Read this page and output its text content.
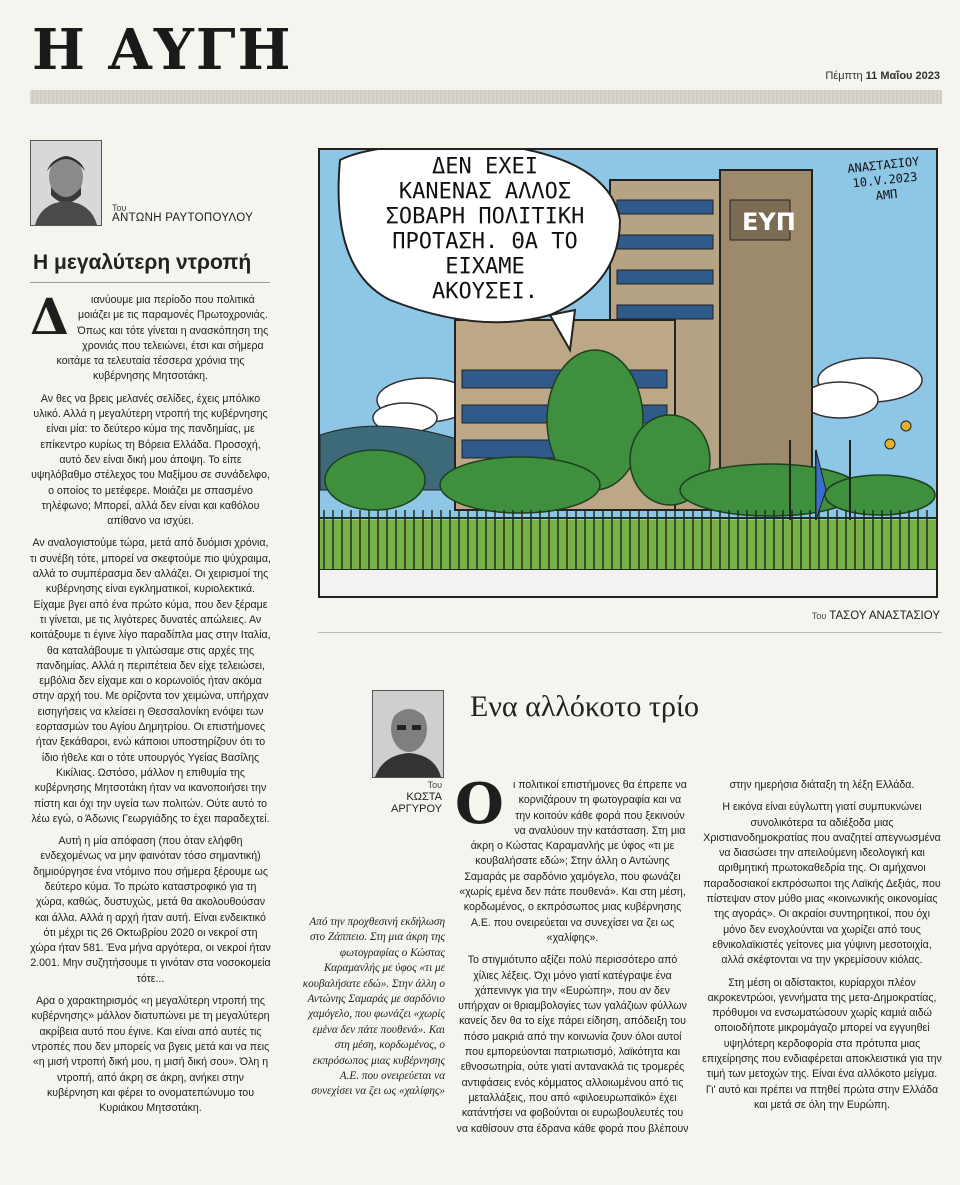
Η ΑΥΓΗ	Πέμπτη 11 Μαΐου 2023
Του
ΑΝΤΩΝΗ ΡΑΥΤΟΠΟΥΛΟΥ
Η μεγαλύτερη ντροπή

Δ ιανύουμε μια περίοδο που πολιτικά μοιάζει με τις παραμονές Πρωτοχρονιάς. Όπως και τότε γίνεται η ανασκόπηση της χρονιάς που τελειώνει, έτσι και σήμερα κοιτάμε τα τελευταία τέσσερα χρόνια της κυβέρνησης Μητσοτάκη.

Αν θες να βρεις μελανές σελίδες, έχεις μπόλικο υλικό. Αλλά η μεγαλύτερη ντροπή της κυβέρνησης είναι μία: το δεύτερο κύμα της πανδημίας, με επίκεντρο κυρίως τη Βόρεια Ελλάδα. Προσοχή, αυτό δεν είναι δική μου άποψη. Το είπε υψηλόβαθμο στέλεχος του Μαξίμου σε συνάδελφο, ο οποίος το μετέφερε. Μοιάζει με σπασμένο τηλέφωνο; Μπορεί, αλλά δεν είναι και καθόλου απίθανο να ισχύει.

Αν αναλογιστούμε τώρα, μετά από δυόμισι χρόνια, τι συνέβη τότε, μπορεί να σκεφτούμε πιο ψύχραιμα, αλλά το συμπέρασμα δεν αλλάζει. Οι χειρισμοί της κυβέρνησης είναι εγκληματικοί, κυριολεκτικά. Είχαμε βγει από ένα πρώτο κύμα, που δεν ξέραμε τι γίνεται, με τις λιγότερες δυνατές απώλειες. Αν κοιτάξουμε τι έγινε λίγο παραδίπλα μας στην Ιταλία, θα καταλάβουμε τι γλιτώσαμε στις αρχές της πανδημίας. Αλλά η περιπέτεια δεν είχε τελειώσει, εμβόλια δεν είχαμε και ο κορωνοϊός ήταν ακόμα στην αρχή του. Με ορίζοντα τον χειμώνα, υπήρχαν εισηγήσεις να κλείσει η Θεσσαλονίκη ενόψει των εορτασμών του Αγίου Δημητρίου. Οι επιστήμονες ήταν ξεκάθαροι, ενώ κάποιοι υποστηρίζουν ότι το ίδιο ήθελε και ο τότε υπουργός Υγείας Βασίλης Κικίλιας. Ωστόσο, μάλλον η επιθυμία της κυβέρνησης Μητσοτάκη ήταν να ικανοποιήσει την πίστη και όχι την υγεία των πολιτών. Ούτε αυτό το λέω εγώ, ο Άδωνις Γεωργιάδης το έχει παραδεχτεί.

Αυτή η μία απόφαση (που όταν ελήφθη ενδεχομένως να μην φαινόταν τόσο σημαντική) δημιούργησε ένα ντόμινο που σήμερα ξέρουμε ως δεύτερο κύμα. Το πρώτο καταστροφικό για τη χώρα, καθώς, δυστυχώς, μετά θα ακολουθούσαν και άλλα. Αλλά η αρχή ήταν αυτή. Είναι ενδεικτικό ότι μέχρι τις 26 Οκτωβρίου 2020 οι νεκροί στη χώρα ήταν 581. Ένα μήνα αργότερα, οι νεκροί ήταν 2.001. Μην συζητήσουμε τι γινόταν στα νοσοκομεία τότε...

Αρα ο χαρακτηρισμός «η μεγαλύτερη ντροπή της κυβέρνησης» μάλλον διατυπώνει με τη μεγαλύτερη ακρίβεια αυτό που έγινε. Και είναι από αυτές τις ντροπές που δεν μπορείς να βγεις μετά και να πεις «η μισή ντροπή δική μου, η μισή δική σου». Όλη η ντροπή, από άκρη σε άκρη, ανήκει στην κυβέρνηση και φέρει το ονοματεπώνυμο του Κυριάκου Μητσοτάκη.

ΕΥΠ
ΔΕΝ ΕΧΕΙ
ΚΑΝΕΝΑΣ ΑΛΛΟΣ
ΣΟΒΑΡΗ ΠΟΛΙΤΙΚΗ
ΠΡΟΤΑΣΗ. ΘΑ ΤΟ
ΕΙΧΑΜΕ
ΑΚΟΥΣΕΙ.
ΑΝΑΣΤΑΣΙΟΥ
10.V.2023
ΑΜΠ
Του ΤΑΣΟΥ ΑΝΑΣΤΑΣΙΟΥ
Του
ΚΩΣΤΑ
ΑΡΓΥΡΟΥ
Ενα αλλόκοτο τρίο
Από την προχθεσινή εκδήλωση στο Ζάππειο. Στη μια άκρη της φωτογραφίας ο Κώστας Καραμανλής με ύφος «τι με κουβαλήσατε εδώ». Στην άλλη ο Αντώνης Σαμαράς με σαρδόνιο χαμόγελο, που φωνάζει «χωρίς εμένα δεν πάτε πουθενά». Και στη μέση, κορδωμένος, ο εκπρόσωπος μιας κυβέρνησης Α.Ε. που ονειρεύεται να συνεχίσει να ζει ως «χαλίφης»

Ο ι πολιτικοί επιστήμονες θα έπρεπε να κορνιζάρουν τη φωτογραφία και να την κοιτούν κάθε φορά που ξεκινούν να αναλύουν την κατάσταση. Στη μια άκρη ο Κώστας Καραμανλής με ύφος «τι με κουβαλήσατε εδώ»; Στην άλλη ο Αντώνης Σαμαράς με σαρδόνιο χαμόγελο, που φωνάζει «χωρίς εμένα δεν πάτε πουθενά». Και στη μέση, κορδωμένος, ο εκπρόσωπος μιας κυβέρνησης Α.Ε. που ονειρεύεται να συνεχίσει να ζει ως «χαλίφης».

Το στιγμιότυπο αξίζει πολύ περισσότερο από χίλιες λέξεις. Όχι μόνο γιατί κατέγραψε ένα χάπενινγκ για την «Ευρώπη», που αν δεν υπήρχαν οι θριαμβολογίες των γαλάζιων φύλλων κανείς δεν θα το είχε πάρει είδηση, απόδειξη του πόσο μακριά από την κοινωνία ζουν όλοι αυτοί που εμπορεύονται πατριωτισμό, λαϊκότητα και εθνοσωτηρία, ούτε γιατί αντανακλά τις τρομερές αντιφάσεις ενός κόμματος αλλοιωμένου από τις μεταλλάξεις, που από «φιλοευρωπαϊκό» έχει κατάντήσει να φοβούνται οι ευρωβουλευτές του να καθίσουν στα έδρανα κάθε φορά που βλέπουν

στην ημερήσια διάταξη τη λέξη Ελλάδα.

Η εικόνα είναι εύγλωττη γιατί συμπυκνώνει συνολικότερα τα αδιέξοδα μιας Χριστιανοδημοκρατίας που αναζητεί απεγνωσμένα να διασώσει την απειλούμενη ιδεολογική και αριθμητική πρωτοκαθεδρία της. Οι αμήχανοι παραδοσιακοί εκπρόσωποι της Λαϊκής Δεξιάς, που πίστεψαν στον μύθο μιας «κοινωνικής οικονομίας της αγοράς». Οι ακραίοι συντηρητικοί, που όχι μόνο δεν ενοχλούνται να χωρίζει από τους εθνικολαϊκιστές γείτονες μια γύψινη μεσοτοιχία, αλλά σκέφτονται να την γκρεμίσουν κιόλας.

Στη μέση οι αδίστακτοι, κυρίαρχοι πλέον ακροκεντρώοι, γεννήματα της μετα-Δημοκρατίας, πρόθυμοι να ενσωματώσουν χωρίς καμιά αιδώ οποιοδήποτε μικρομάγαζο μπορεί να εγγυηθεί υψηλότερη κερδοφορία στα πρότυπα μιας επιχείρησης που ενδιαφέρεται αποκλειστικά για την τιμή των μετοχών της. Είναι ένα αλλόκοτο μείγμα. Γι' αυτό και πρέπει να πτηθεί πρώτα στην Ελλάδα και μετά σε όλη την Ευρώπη.
